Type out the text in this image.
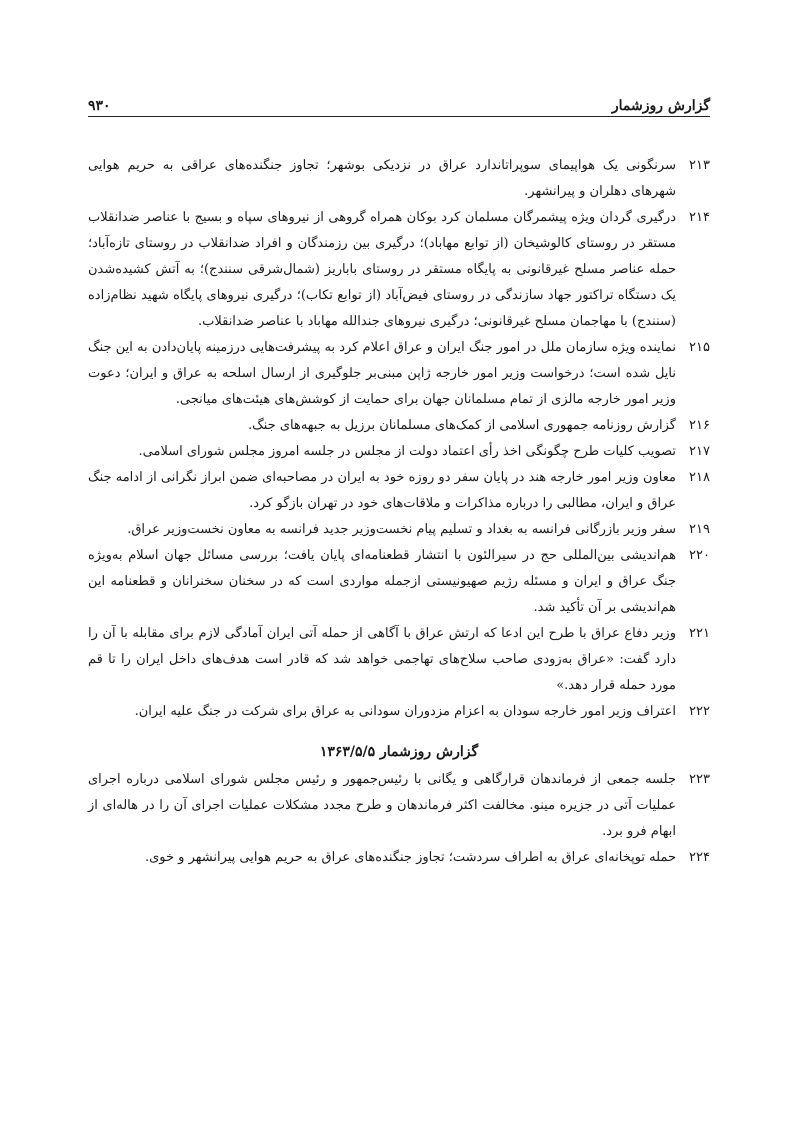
گزارش روزشمار
۹۳۰
۲۱۳
سرنگونی یک هواپیمای سوپراتاندارد عراق در نزدیکی بوشهر؛ تجاوز جنگنده‌های عراقی به حریم هوایی شهرهای دهلران و پیرانشهر.
۲۱۴
درگیری گردان ویژه پیشمرگان مسلمان کرد بوکان همراه گروهی از نیروهای سپاه و بسیج با عناصر ضدانقلاب مستقر در روستای کالوشیخان (از توابع مهاباد)؛ درگیری بین رزمندگان و افراد ضدانقلاب در روستای تازه‌آباد؛ حمله عناصر مسلح غیرقانونی به پایگاه مستقر در روستای باباریز (شمال‌شرقی سنندج)؛ به آتش کشیده‌شدن یک دستگاه تراکتور جهاد سازندگی در روستای فیض‌آباد (از توابع تکاب)؛ درگیری نیروهای پایگاه شهید نظام‌زاده (سنندج) با مهاجمان مسلح غیرقانونی؛ درگیری نیروهای جندالله مهاباد با عناصر ضدانقلاب.
۲۱۵
نماینده ویژه سازمان ملل در امور جنگ ایران و عراق اعلام کرد به پیشرفت‌هایی درزمینه پایان‌دادن به این جنگ نایل شده است؛ درخواست وزیر امور خارجه ژاپن مبنی‌بر جلوگیری از ارسال اسلحه به عراق و ایران؛ دعوت وزیر امور خارجه مالزی از تمام مسلمانان جهان برای حمایت از کوشش‌های هیئت‌های میانجی.
۲۱۶
گزارش روزنامه جمهوری اسلامی از کمک‌های مسلمانان برزیل به جبهه‌های جنگ.
۲۱۷
تصویب کلیات طرح چگونگی اخذ رأی اعتماد دولت از مجلس در جلسه امروز مجلس شورای اسلامی.
۲۱۸
معاون وزیر امور خارجه هند در پایان سفر دو روزه خود به ایران در مصاحبه‌ای ضمن ابراز نگرانی از ادامه جنگ عراق و ایران، مطالبی را درباره مذاکرات و ملاقات‌های خود در تهران بازگو کرد.
۲۱۹
سفر وزیر بازرگانی فرانسه به بغداد و تسلیم پیام نخست‌وزیر جدید فرانسه به معاون نخست‌وزیر عراق.
۲۲۰
هم‌اندیشی بین‌المللی حج در سیرالئون با انتشار قطعنامه‌ای پایان یافت؛ بررسی مسائل جهان اسلام به‌ویژه جنگ عراق و ایران و مسئله رژیم صهیونیستی ازجمله مواردی است که در سخنان سخنرانان و قطعنامه این هم‌اندیشی بر آن تأکید شد.
۲۲۱
وزیر دفاع عراق با طرح این ادعا که ارتش عراق با آگاهی از حمله آتی ایران آمادگی لازم برای مقابله با آن را دارد گفت: «عراق به‌زودی صاحب سلاح‌های تهاجمی خواهد شد که قادر است هدف‌های داخل ایران را تا قم مورد حمله قرار دهد.»
۲۲۲
اعتراف وزیر امور خارجه سودان به اعزام مزدوران سودانی به عراق برای شرکت در جنگ علیه ایران.
گزارش روزشمار ۱۳۶۳/۵/۵
۲۲۳
جلسه جمعی از فرماندهان قرارگاهی و یگانی با رئیس‌جمهور و رئیس مجلس شورای اسلامی درباره اجرای عملیات آتی در جزیره مینو. مخالفت اکثر فرماندهان و طرح مجدد مشکلات عملیات اجرای آن را در هاله‌ای از ابهام فرو برد.
۲۲۴
حمله توپخانه‌ای عراق به اطراف سردشت؛ تجاوز جنگنده‌های عراق به حریم هوایی پیرانشهر و خوی.
